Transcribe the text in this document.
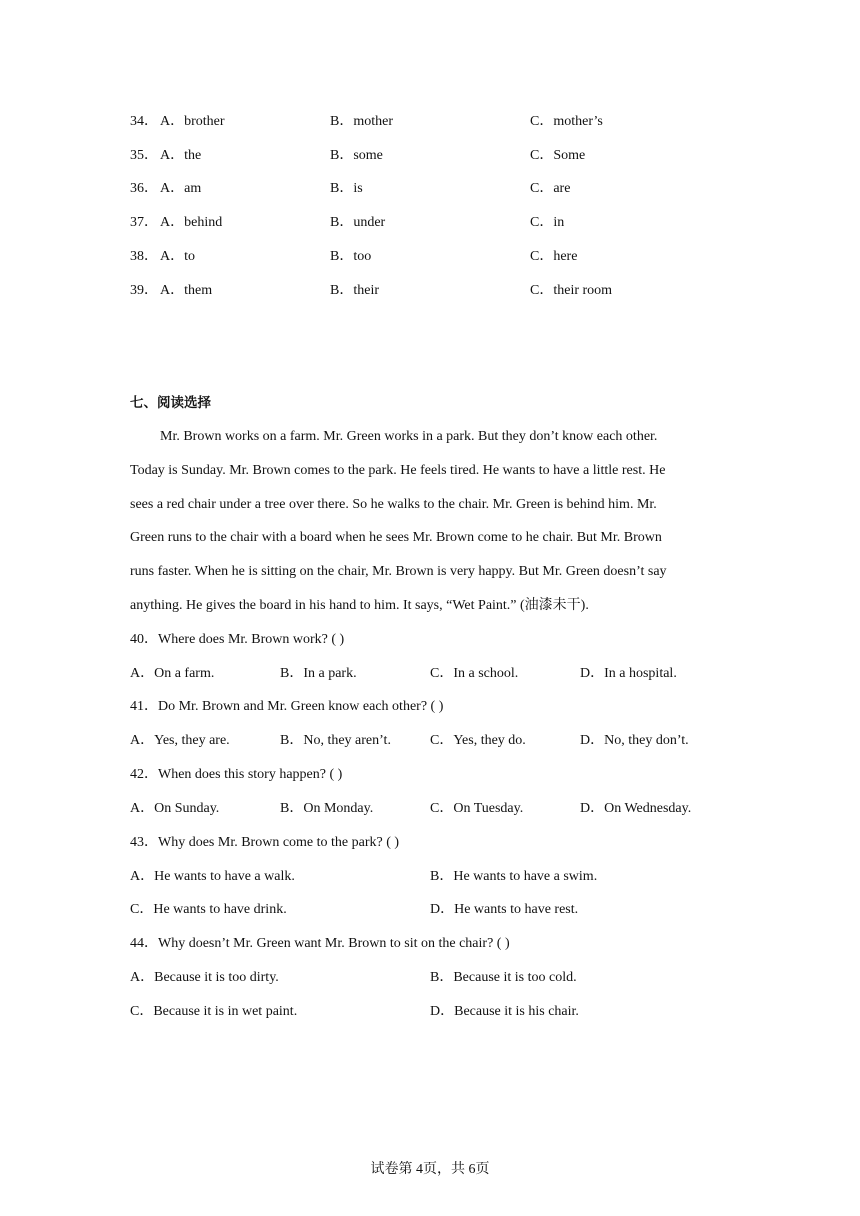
34． A．brother	B．mother	C．mother’s
35． A．the	B．some	C．Some
36． A．am	B．is	C．are
37． A．behind	B．under	C．in
38． A．to	B．too	C．here
39． A．them	B．their	C．their room
七、阅读选择
Mr. Brown works on a farm. Mr. Green works in a park. But they don’t know each other.
Today is Sunday. Mr. Brown comes to the park. He feels tired. He wants to have a little rest. He
sees a red chair under a tree over there. So he walks to the chair. Mr. Green is behind him. Mr.
Green runs to the chair with a board when he sees Mr. Brown come to he chair. But Mr. Brown
runs faster. When he is sitting on the chair, Mr. Brown is very happy. But Mr. Green doesn’t say
anything. He gives the board in his hand to him. It says, “Wet Paint.” (油漆未干).
40．Where does Mr. Brown work? ( )
A．On a farm.	B．In a park.	C．In a school.	D．In a hospital.
41．Do Mr. Brown and Mr. Green know each other? ( )
A．Yes, they are.	B．No, they aren’t.	C．Yes, they do.	D．No, they don’t.
42．When does this story happen? ( )
A．On Sunday.	B．On Monday.	C．On Tuesday.	D．On Wednesday.
43．Why does Mr. Brown come to the park? ( )
A．He wants to have a walk.	B．He wants to have a swim.
C．He wants to have drink.	D．He wants to have rest.
44．Why doesn’t Mr. Green want Mr. Brown to sit on the chair? ( )
A．Because it is too dirty.	B．Because it is too cold.
C．Because it is in wet paint.	D．Because it is his chair.
试卷第 4页，共 6页
